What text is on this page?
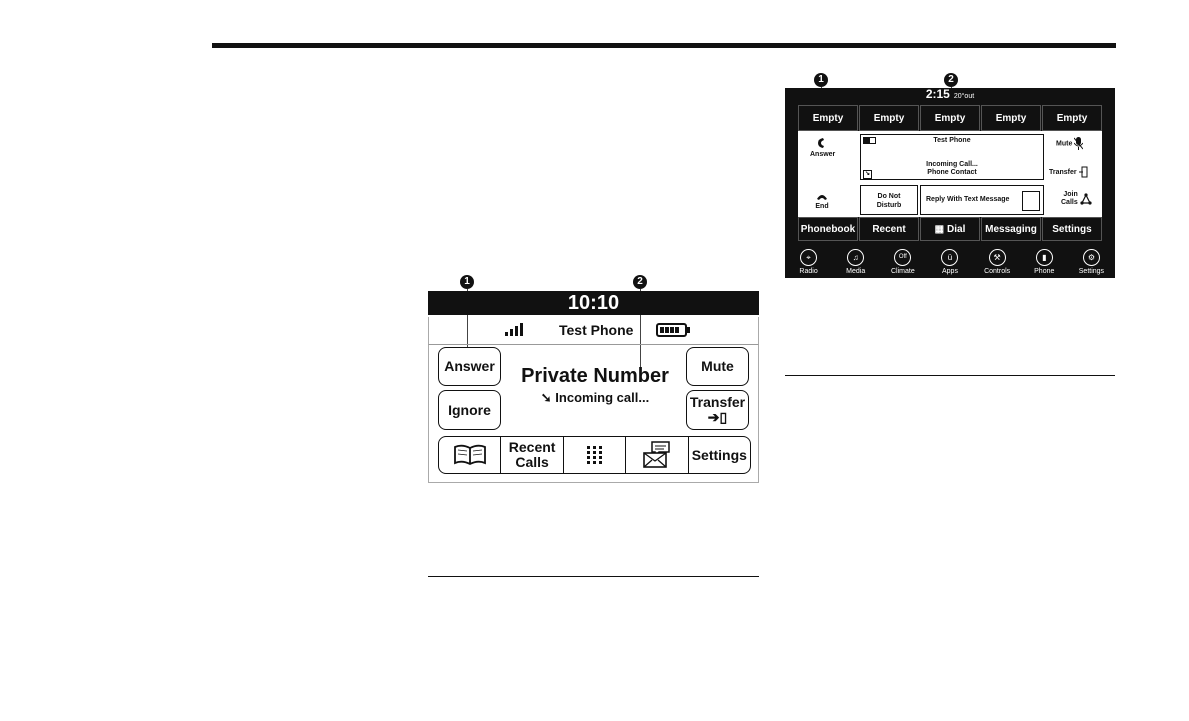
1	2
10:10
Test Phone
Answer
Ignore
Mute
Transfer
➔▯
Private Number
➘ Incoming call...
Recent
Calls	Settings
1	2
2:15 20°out
Empty	Empty	Empty	Empty	Empty
Answer
End
Test Phone
Incoming Call...
Phone Contact
↘
Do Not
Disturb
Reply With Text Message
Mute
Transfer
Join
Calls

Phonebook	Recent	▦ Dial	Messaging	Settings
⌖
Radio
♫
Media
Off
Climate
ü
Apps
⚒
Controls
▮
Phone
⚙
Settings
